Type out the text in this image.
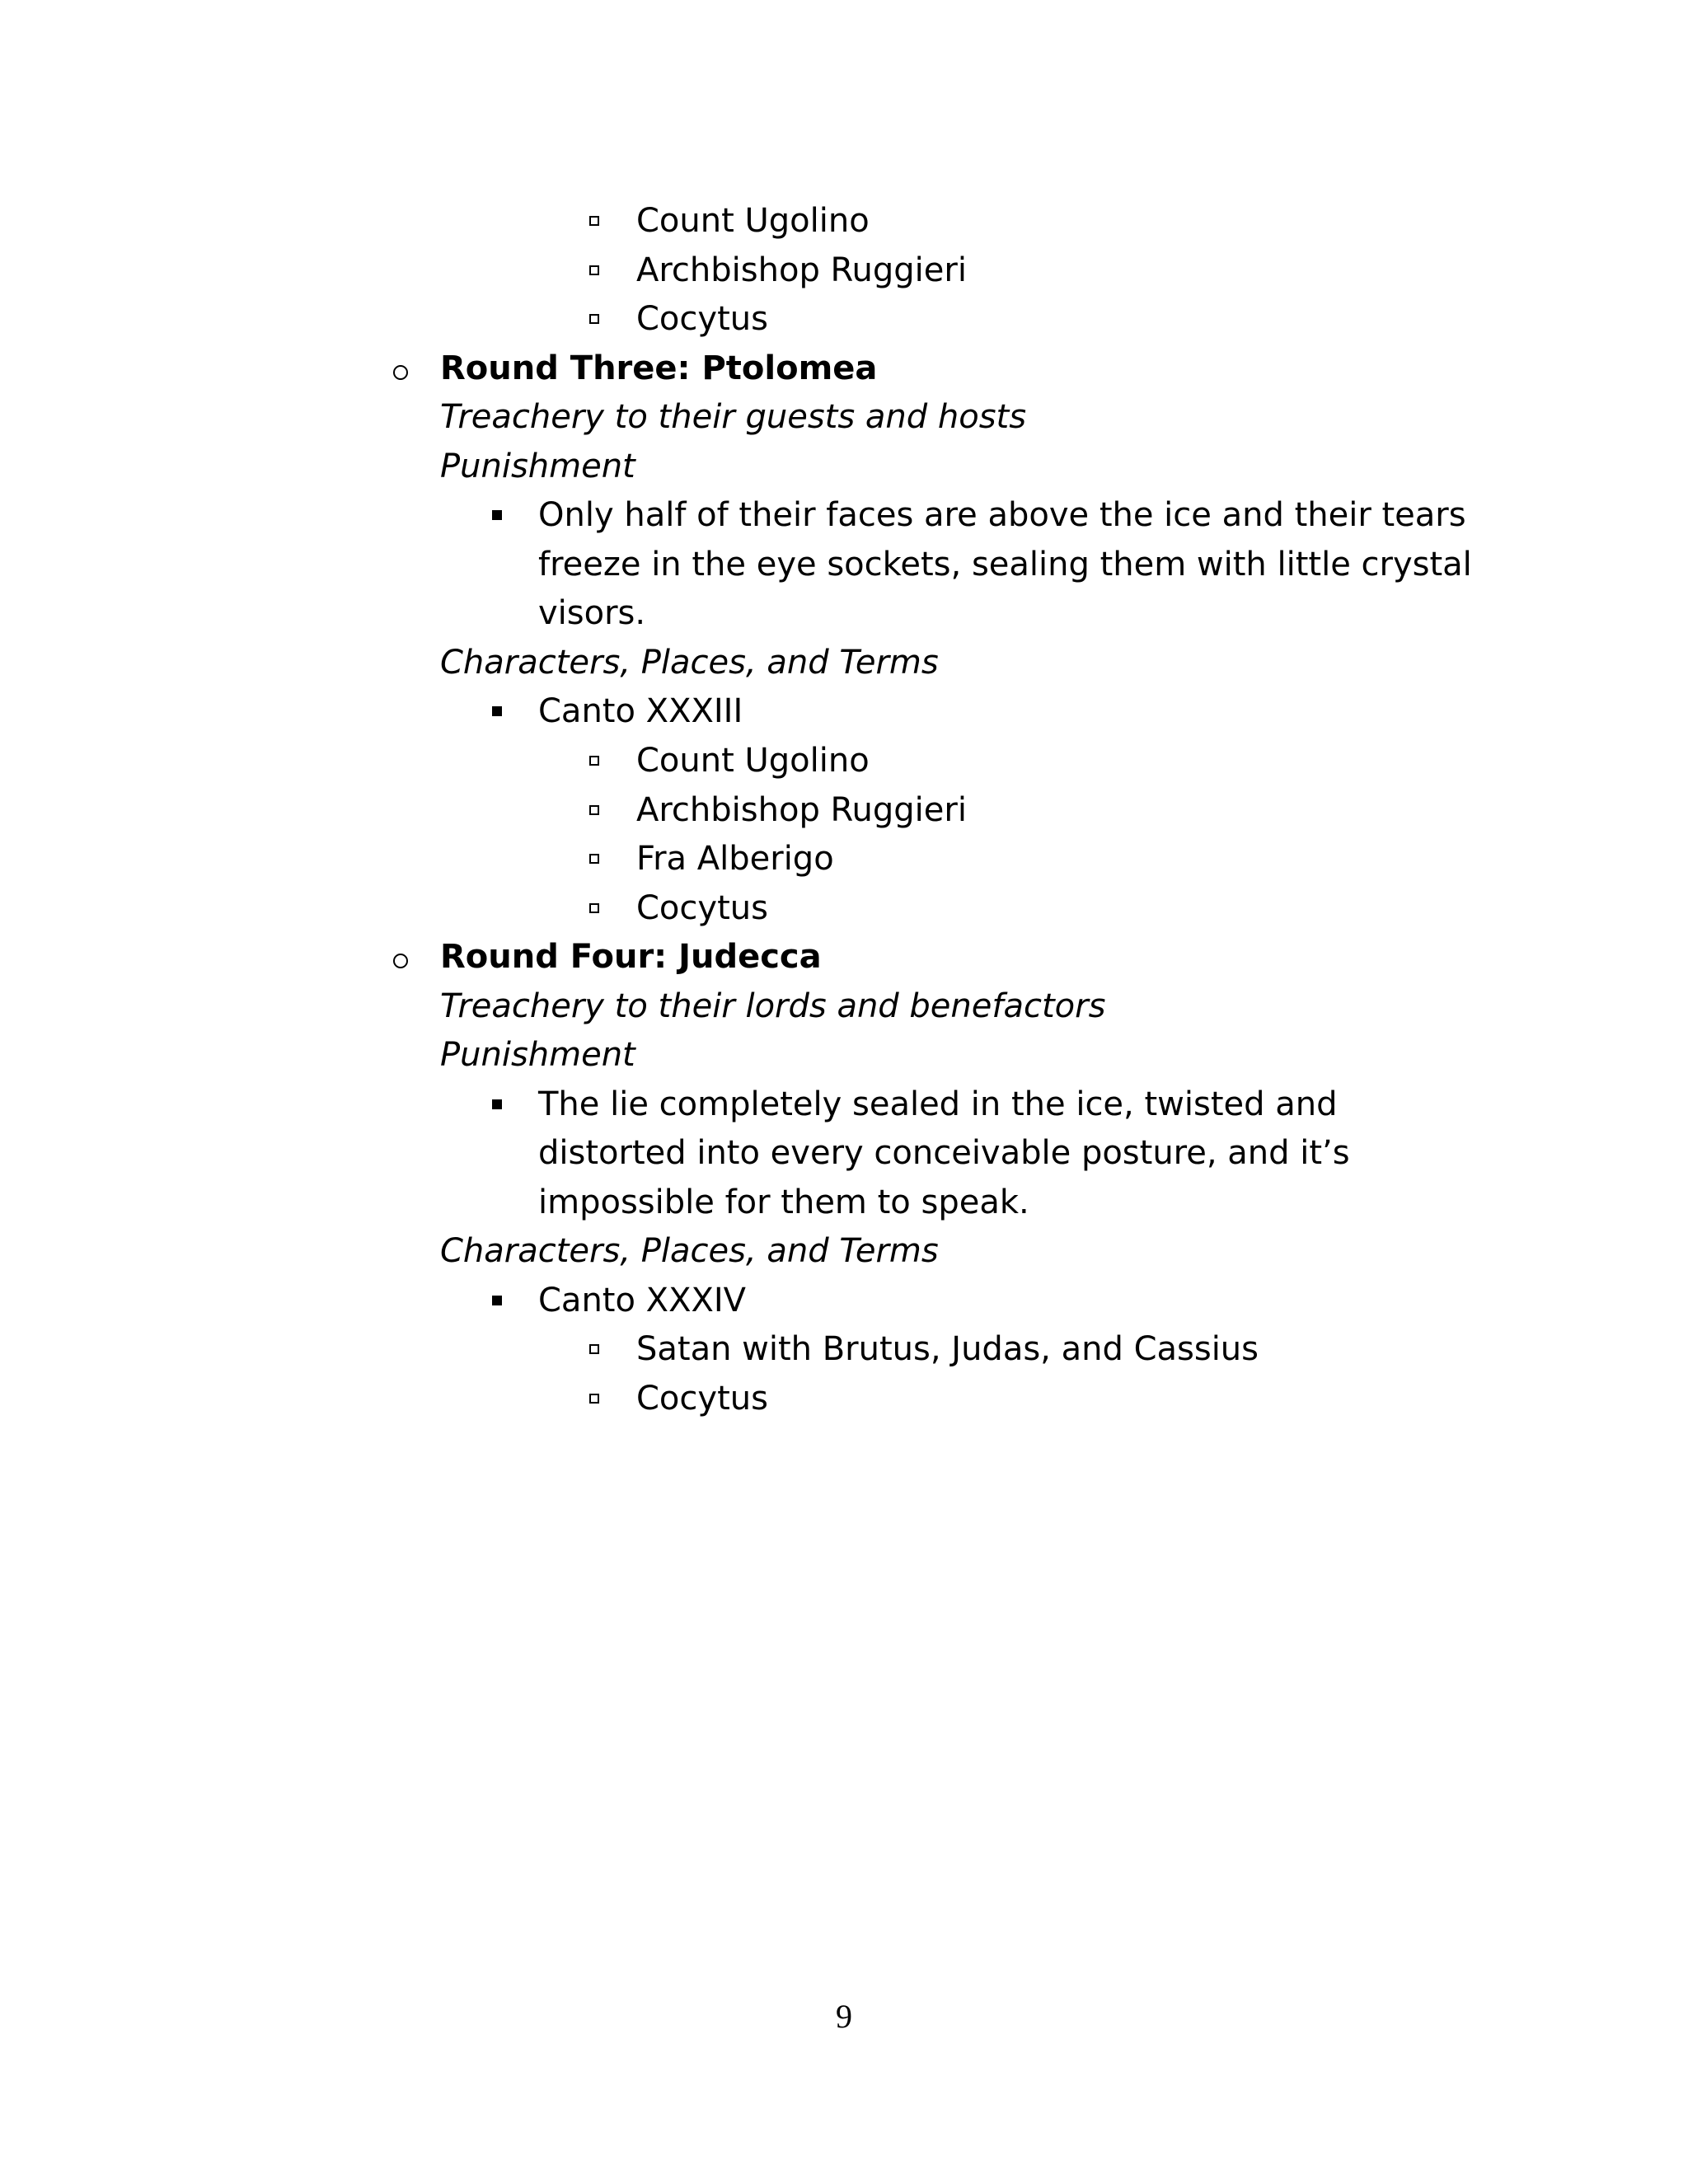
Count Ugolino
Archbishop Ruggieri
Cocytus
Round Three: Ptolomea
Treachery to their guests and hosts
Punishment
Only half of their faces are above the ice and their tears
freeze in the eye sockets, sealing them with little crystal
visors.
Characters, Places, and Terms
Canto XXXIII
Count Ugolino
Archbishop Ruggieri
Fra Alberigo
Cocytus
Round Four: Judecca
Treachery to their lords and benefactors
Punishment
The lie completely sealed in the ice, twisted and
distorted into every conceivable posture, and it’s
impossible for them to speak.
Characters, Places, and Terms
Canto XXXIV
Satan with Brutus, Judas, and Cassius
Cocytus
9
